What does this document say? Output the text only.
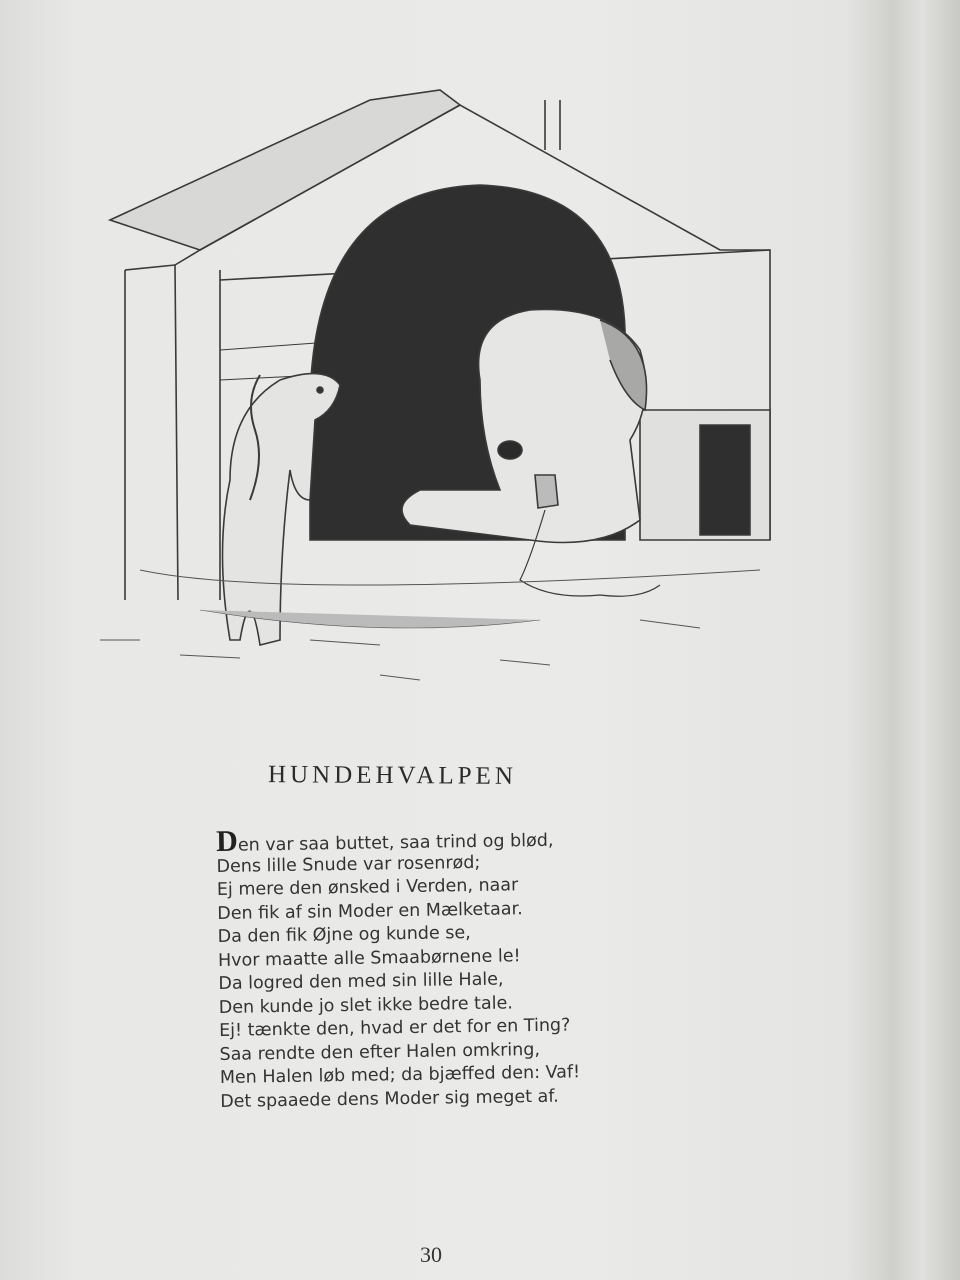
HUNDEHVALPEN
Den var saa buttet, saa trind og blød,
Dens lille Snude var rosenrød;
Ej mere den ønsked i Verden, naar
Den fik af sin Moder en Mælketaar.
Da den fik Øjne og kunde se,
Hvor maatte alle Smaabørnene le!
Da logred den med sin lille Hale,
Den kunde jo slet ikke bedre tale.
Ej! tænkte den, hvad er det for en Ting?
Saa rendte den efter Halen omkring,
Men Halen løb med; da bjæffed den: Vaf!
Det spaaede dens Moder sig meget af.
30
